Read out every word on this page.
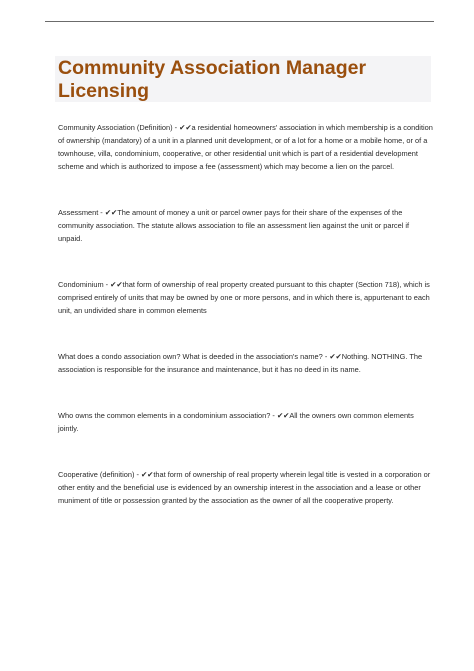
Community Association Manager Licensing

Community Association (Definition) - ✔✔a residential homeowners' association in which membership is a condition of ownership (mandatory) of a unit in a planned unit development, or of a lot for a home or a mobile home, or of a townhouse, villa, condominium, cooperative, or other residential unit which is part of a residential development scheme and which is authorized to impose a fee (assessment) which may become a lien on the parcel.

Assessment - ✔✔The amount of money a unit or parcel owner pays for their share of the expenses of the community association. The statute allows association to file an assessment lien against the unit or parcel if unpaid.

Condominium - ✔✔that form of ownership of real property created pursuant to this chapter (Section 718), which is comprised entirely of units that may be owned by one or more persons, and in which there is, appurtenant to each unit, an undivided share in common elements

What does a condo association own? What is deeded in the association's name? - ✔✔Nothing. NOTHING. The association is responsible for the insurance and maintenance, but it has no deed in its name.

Who owns the common elements in a condominium association? - ✔✔All the owners own common elements jointly.

Cooperative (definition) - ✔✔that form of ownership of real property wherein legal title is vested in a corporation or other entity and the beneficial use is evidenced by an ownership interest in the association and a lease or other muniment of title or possession granted by the association as the owner of all the cooperative property.
